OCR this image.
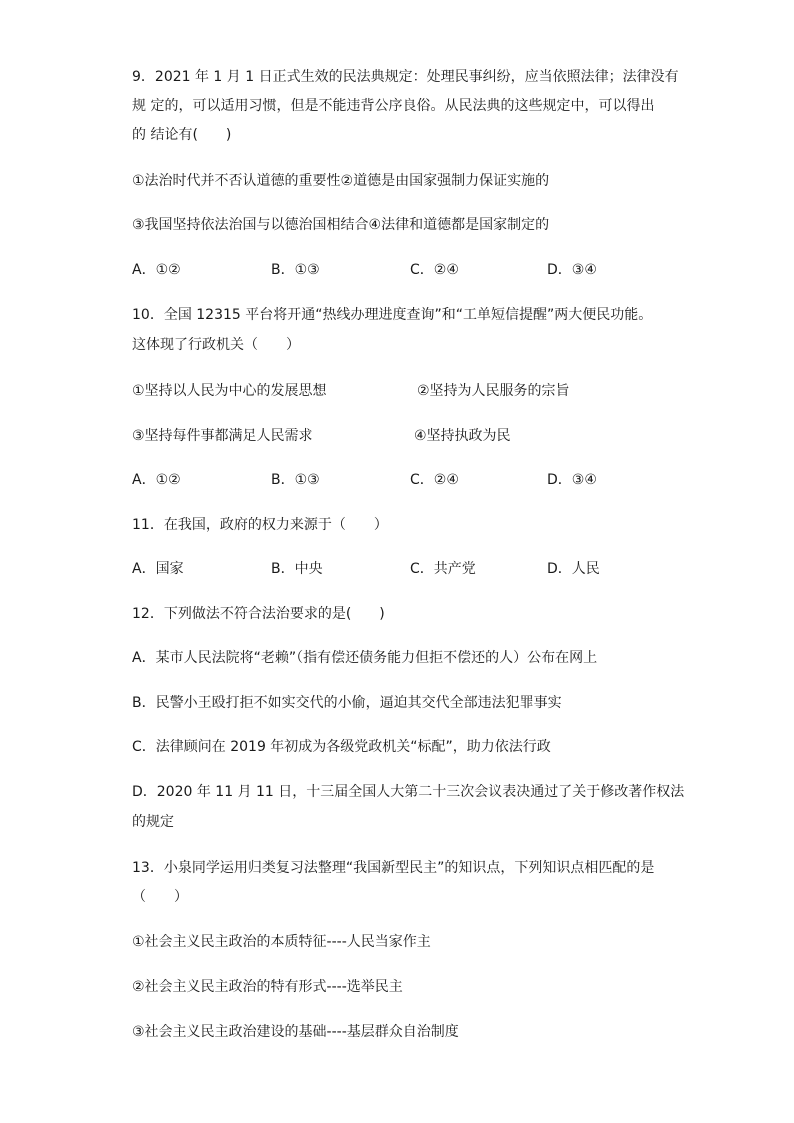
9．2021 年 1 月 1 日正式生效的民法典规定：处理民事纠纷，应当依照法律；法律没有
规 定的，可以适用习惯，但是不能违背公序良俗。从民法典的这些规定中，可以得出
的 结论有(　　)
①法治时代并不否认道德的重要性②道德是由国家强制力保证实施的
③我国坚持依法治国与以德治国相结合④法律和道德都是国家制定的
A．①②	B．①③	C．②④	D．③④
10．全国 12315 平台将开通“热线办理进度查询”和“工单短信提醒”两大便民功能。
这体现了行政机关（　　）
①坚持以人民为中心的发展思想	②坚持为人民服务的宗旨
③坚持每件事都满足人民需求	④坚持执政为民
A．①②	B．①③	C．②④	D．③④
11．在我国，政府的权力来源于（　　）
A．国家	B．中央	C．共产党	D．人民
12．下列做法不符合法治要求的是(　　)
A．某市人民法院将“老赖”（指有偿还债务能力但拒不偿还的人）公布在网上
B．民警小王殴打拒不如实交代的小偷，逼迫其交代全部违法犯罪事实
C．法律顾问在 2019 年初成为各级党政机关“标配”，助力依法行政
D．2020 年 11 月 11 日，十三届全国人大第二十三次会议表决通过了关于修改著作权法
的规定
13．小泉同学运用归类复习法整理“我国新型民主”的知识点，下列知识点相匹配的是
（　　）
①社会主义民主政治的本质特征----人民当家作主
②社会主义民主政治的特有形式----选举民主
③社会主义民主政治建设的基础----基层群众自治制度
